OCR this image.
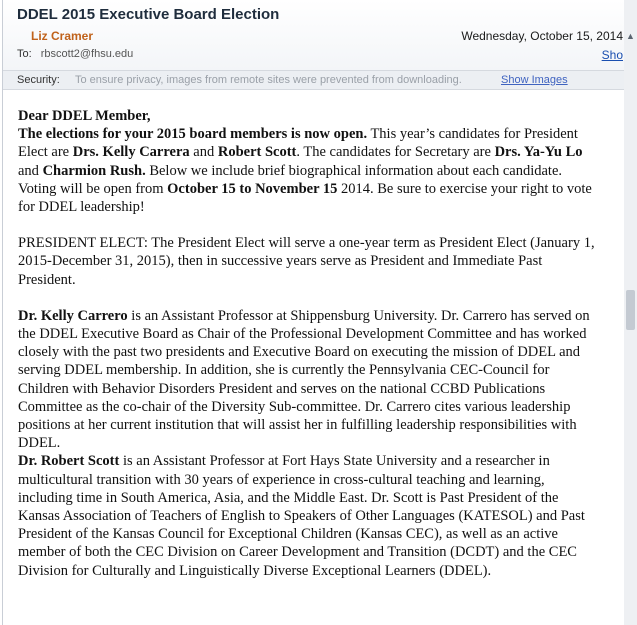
DDEL 2015 Executive Board Election
Liz Cramer	Wednesday, October 15, 2014
To: rbscott2@fhsu.edu	Sho
Security: To ensure privacy, images from remote sites were prevented from downloading.	Show Images

Dear DDEL Member,

The elections for your 2015 board members is now open. This year’s candidates for President Elect are Drs. Kelly Carrera and Robert Scott. The candidates for Secretary are Drs. Ya-Yu Lo and Charmion Rush. Below we include brief biographical information about each candidate. Voting will be open from October 15 to November 15 2014. Be sure to exercise your right to vote for DDEL leadership!

PRESIDENT ELECT: The President Elect will serve a one-year term as President Elect (January 1, 2015-December 31, 2015), then in successive years serve as President and Immediate Past President.

Dr. Kelly Carrero is an Assistant Professor at Shippensburg University. Dr. Carrero has served on the DDEL Executive Board as Chair of the Professional Development Committee and has worked closely with the past two presidents and Executive Board on executing the mission of DDEL and serving DDEL membership. In addition, she is currently the Pennsylvania CEC-Council for Children with Behavior Disorders President and serves on the national CCBD Publications Committee as the co-chair of the Diversity Sub-committee. Dr. Carrero cites various leadership positions at her current institution that will assist her in fulfilling leadership responsibilities with DDEL.

Dr. Robert Scott is an Assistant Professor at Fort Hays State University and a researcher in multicultural transition with 30 years of experience in cross-cultural teaching and learning, including time in South America, Asia, and the Middle East. Dr. Scott is Past President of the Kansas Association of Teachers of English to Speakers of Other Languages (KATESOL) and Past President of the Kansas Council for Exceptional Children (Kansas CEC), as well as an active member of both the CEC Division on Career Development and Transition (DCDT) and the CEC Division for Culturally and Linguistically Diverse Exceptional Learners (DDEL).

▲
